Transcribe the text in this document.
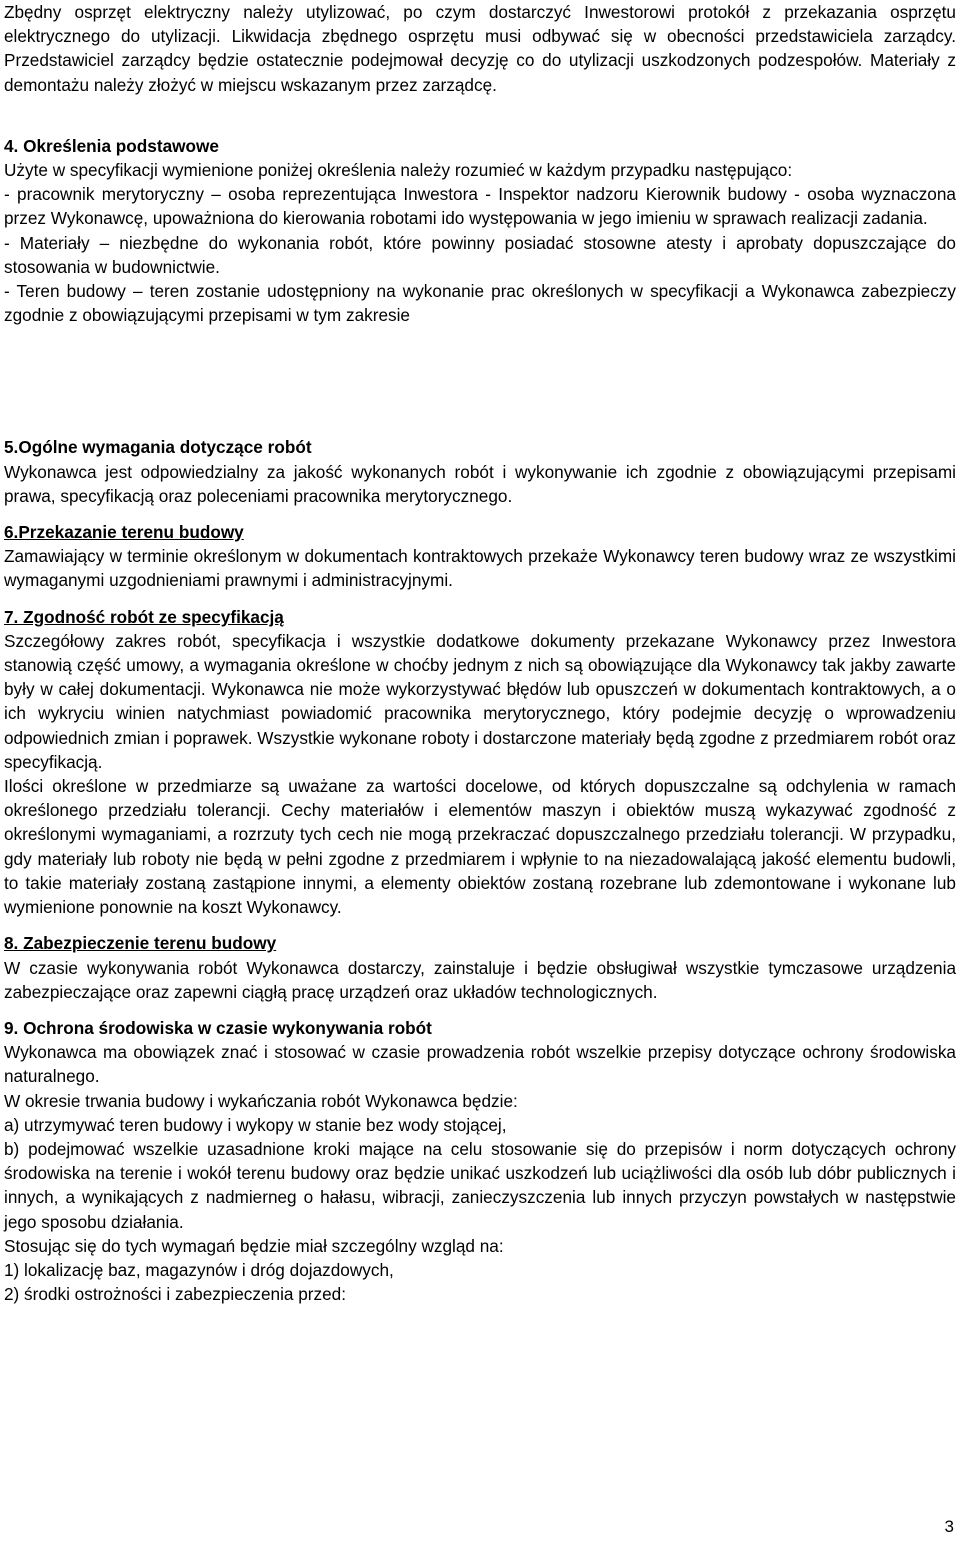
Zbędny osprzęt elektryczny należy utylizować, po czym dostarczyć Inwestorowi protokół z przekazania osprzętu elektrycznego do utylizacji. Likwidacja zbędnego osprzętu musi odbywać się w obecności przedstawiciela zarządcy. Przedstawiciel zarządcy będzie ostatecznie podejmował decyzję co do utylizacji uszkodzonych podzespołów. Materiały z demontażu należy złożyć w miejscu wskazanym przez zarządcę.

4. Określenia podstawowe

Użyte w specyfikacji wymienione poniżej określenia należy rozumieć w każdym przypadku następująco:

- pracownik merytoryczny – osoba reprezentująca Inwestora - Inspektor nadzoru Kierownik budowy - osoba wyznaczona przez Wykonawcę, upoważniona do kierowania robotami ido występowania w jego imieniu w sprawach realizacji zadania.

- Materiały – niezbędne do wykonania robót, które powinny posiadać stosowne atesty i aprobaty dopuszczające do stosowania w budownictwie.

- Teren budowy – teren zostanie udostępniony na wykonanie prac określonych w specyfikacji a Wykonawca zabezpieczy zgodnie z obowiązującymi przepisami w tym zakresie

5.Ogólne wymagania dotyczące robót

Wykonawca jest odpowiedzialny za jakość wykonanych robót i wykonywanie ich zgodnie z obowiązującymi przepisami prawa, specyfikacją oraz poleceniami pracownika merytorycznego.

6.Przekazanie terenu budowy

Zamawiający w terminie określonym w dokumentach kontraktowych przekaże Wykonawcy teren budowy wraz ze wszystkimi wymaganymi uzgodnieniami prawnymi i administracyjnymi.

7. Zgodność robót ze specyfikacją

Szczegółowy zakres robót, specyfikacja i wszystkie dodatkowe dokumenty przekazane Wykonawcy przez Inwestora stanowią część umowy, a wymagania określone w choćby jednym z nich są obowiązujące dla Wykonawcy tak jakby zawarte były w całej dokumentacji. Wykonawca nie może wykorzystywać błędów lub opuszczeń w dokumentach kontraktowych, a o ich wykryciu winien natychmiast powiadomić pracownika merytorycznego, który podejmie decyzję o wprowadzeniu odpowiednich zmian i poprawek. Wszystkie wykonane roboty i dostarczone materiały będą zgodne z przedmiarem robót oraz specyfikacją.

Ilości określone w przedmiarze są uważane za wartości docelowe, od których dopuszczalne są odchylenia w ramach określonego przedziału tolerancji. Cechy materiałów i elementów maszyn i obiektów muszą wykazywać zgodność z określonymi wymaganiami, a rozrzuty tych cech nie mogą przekraczać dopuszczalnego przedziału tolerancji. W przypadku, gdy materiały lub roboty nie będą w pełni zgodne z przedmiarem i wpłynie to na niezadowalającą jakość elementu budowli, to takie materiały zostaną zastąpione innymi, a elementy obiektów zostaną rozebrane lub zdemontowane i wykonane lub wymienione ponownie na koszt Wykonawcy.

8. Zabezpieczenie terenu budowy

W czasie wykonywania robót Wykonawca dostarczy, zainstaluje i będzie obsługiwał wszystkie tymczasowe urządzenia zabezpieczające oraz zapewni ciągłą pracę urządzeń oraz układów technologicznych.

9. Ochrona środowiska w czasie wykonywania robót

Wykonawca ma obowiązek znać i stosować w czasie prowadzenia robót wszelkie przepisy dotyczące ochrony środowiska naturalnego.

W okresie trwania budowy i wykańczania robót Wykonawca będzie:

a) utrzymywać teren budowy i wykopy w stanie bez wody stojącej,

b) podejmować wszelkie uzasadnione kroki mające na celu stosowanie się do przepisów i norm dotyczących ochrony środowiska na terenie i wokół terenu budowy oraz będzie unikać uszkodzeń lub uciążliwości dla osób lub dóbr publicznych i innych, a wynikających z nadmierneg o hałasu, wibracji, zanieczyszczenia lub innych przyczyn powstałych w następstwie jego sposobu działania.

Stosując się do tych wymagań będzie miał szczególny wzgląd na:

1) lokalizację baz, magazynów i dróg dojazdowych,

2) środki ostrożności i zabezpieczenia przed:

3
